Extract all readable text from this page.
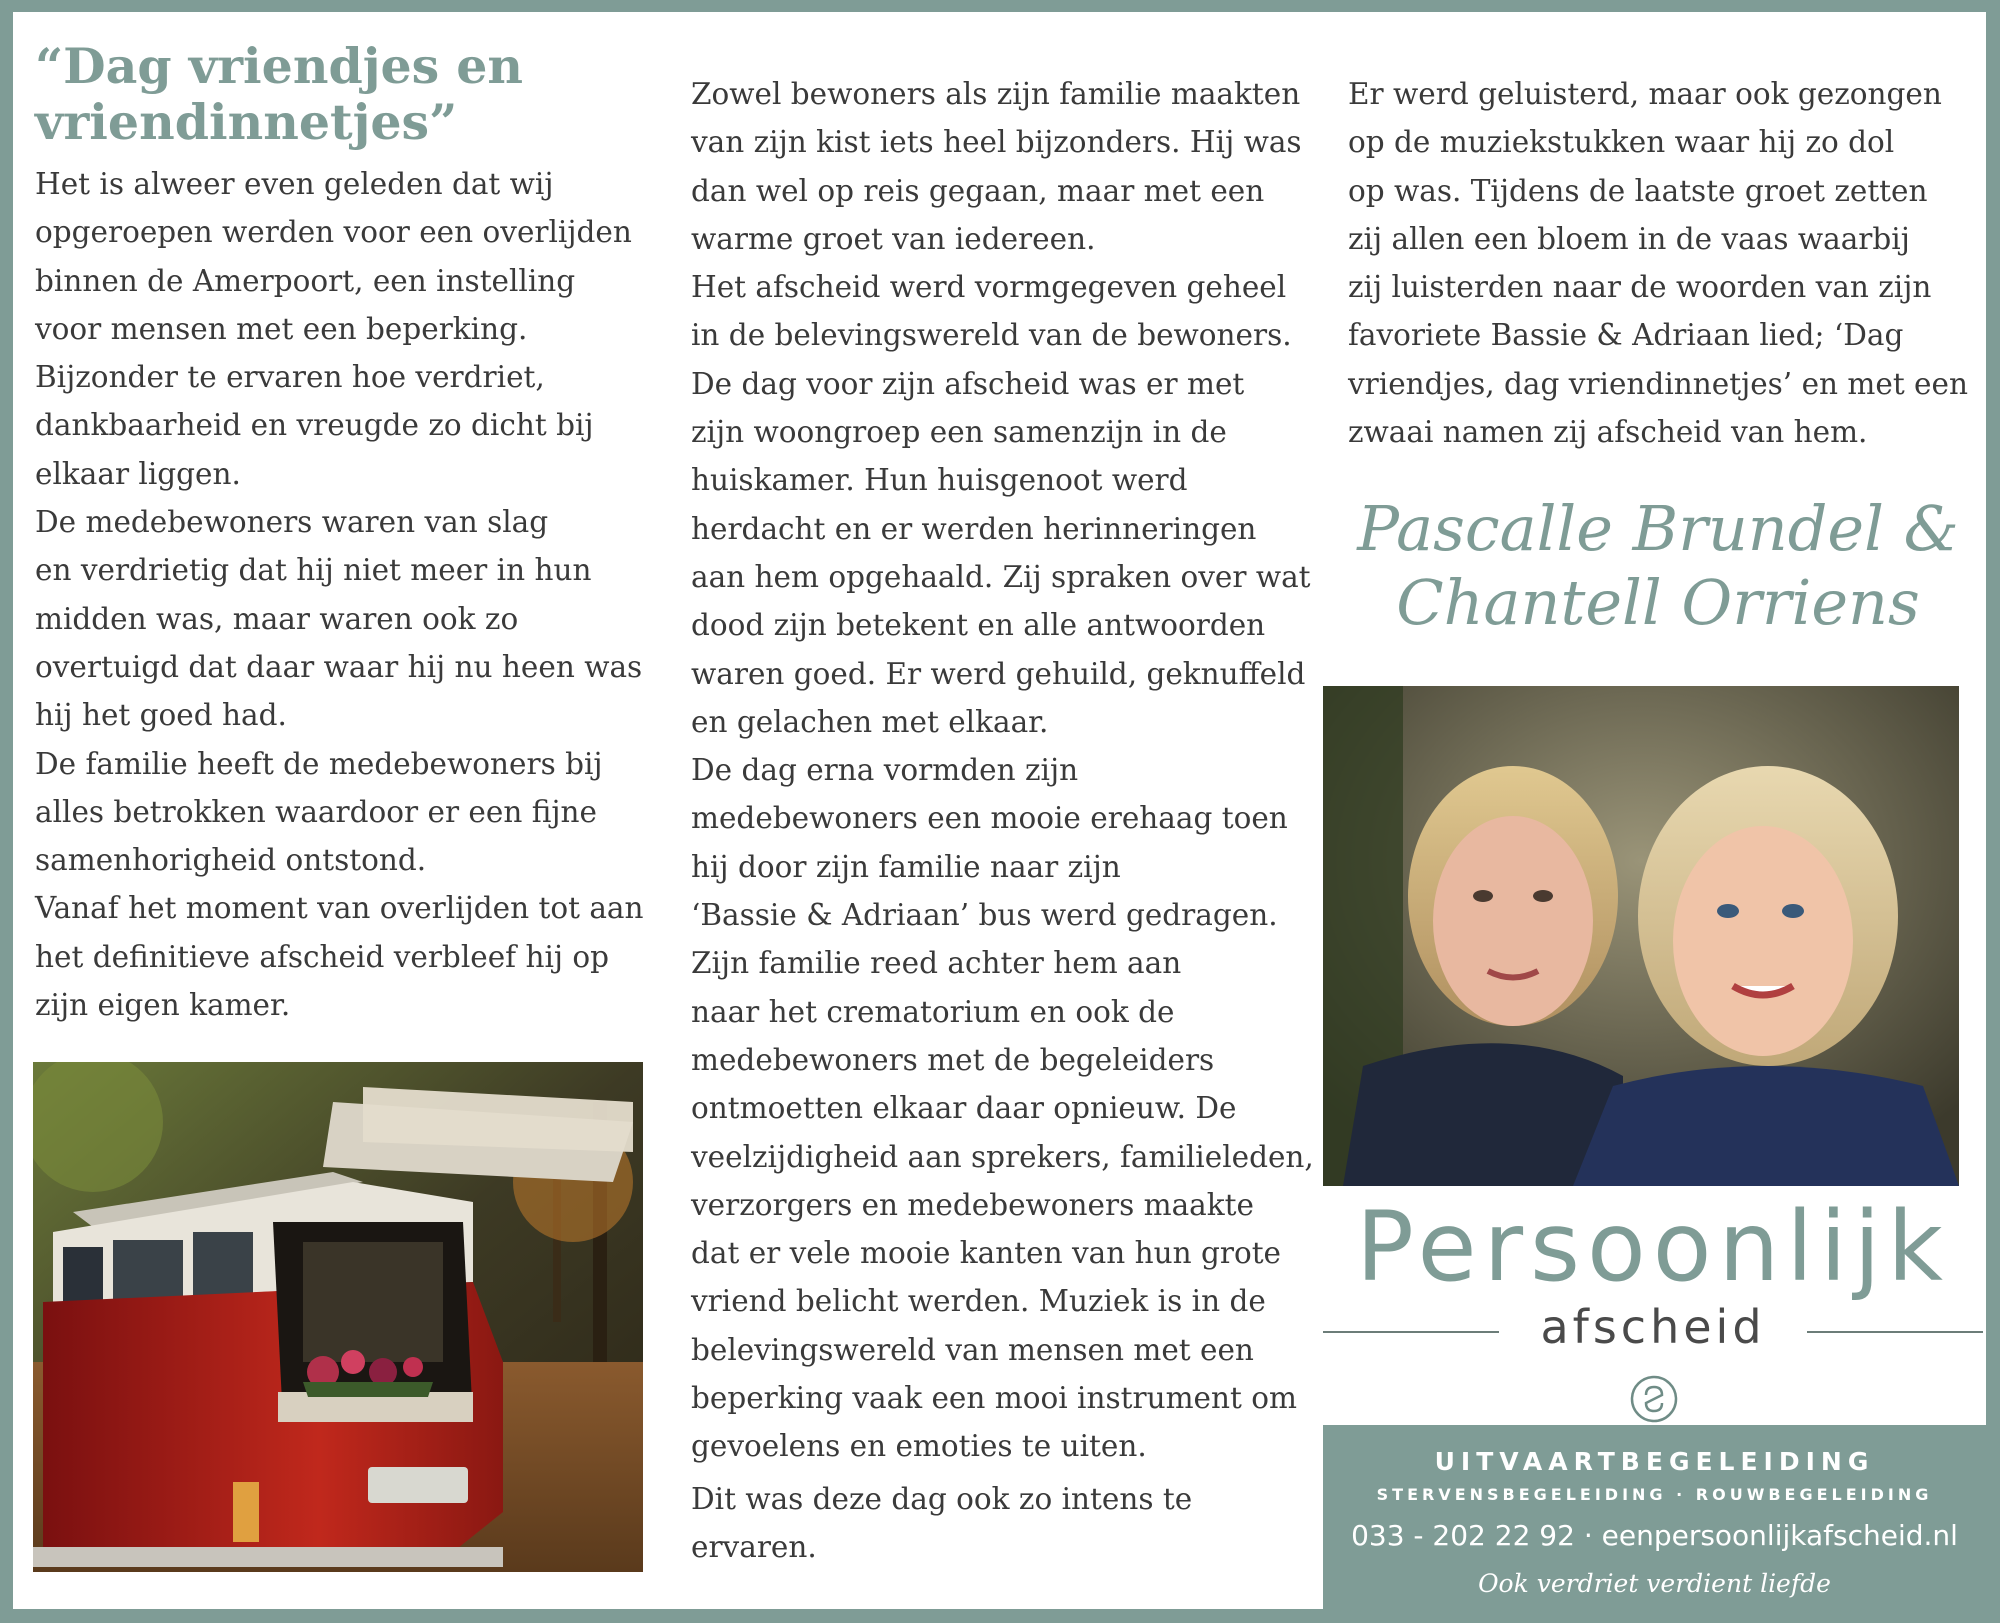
“Dag vriendjes en
vriendinnetjes”

Het is alweer even geleden dat wij
opgeroepen werden voor een overlijden
binnen de Amerpoort, een instelling
voor mensen met een beperking.

Bijzonder te ervaren hoe verdriet,
dankbaarheid en vreugde zo dicht bij
elkaar liggen.

De medebewoners waren van slag
en verdrietig dat hij niet meer in hun
midden was, maar waren ook zo
overtuigd dat daar waar hij nu heen was
hij het goed had.

De familie heeft de medebewoners bij
alles betrokken waardoor er een fijne
samenhorigheid ontstond.

Vanaf het moment van overlijden tot aan
het definitieve afscheid verbleef hij op
zijn eigen kamer.

Zowel bewoners als zijn familie maakten
van zijn kist iets heel bijzonders. Hij was
dan wel op reis gegaan, maar met een
warme groet van iedereen.

Het afscheid werd vormgegeven geheel
in de belevingswereld van de bewoners.
De dag voor zijn afscheid was er met
zijn woongroep een samenzijn in de
huiskamer. Hun huisgenoot werd
herdacht en er werden herinneringen
aan hem opgehaald. Zij spraken over wat
dood zijn betekent en alle antwoorden
waren goed. Er werd gehuild, geknuffeld
en gelachen met elkaar.

De dag erna vormden zijn
medebewoners een mooie erehaag toen
hij door zijn familie naar zijn
‘Bassie & Adriaan’ bus werd gedragen.
Zijn familie reed achter hem aan
naar het crematorium en ook de
medebewoners met de begeleiders
ontmoetten elkaar daar opnieuw. De
veelzijdigheid aan sprekers, familieleden,
verzorgers en medebewoners maakte
dat er vele mooie kanten van hun grote
vriend belicht werden. Muziek is in de
belevingswereld van mensen met een
beperking vaak een mooi instrument om
gevoelens en emoties te uiten.

Dit was deze dag ook zo intens te
ervaren.

Er werd geluisterd, maar ook gezongen
op de muziekstukken waar hij zo dol
op was. Tijdens de laatste groet zetten
zij allen een bloem in de vaas waarbij
zij luisterden naar de woorden van zijn
favoriete Bassie & Adriaan lied; ‘Dag
vriendjes, dag vriendinnetjes’ en met een
zwaai namen zij afscheid van hem.

Pascalle Brundel &
Chantell Orriens
Persoonlijk
afscheid
UITVAARTBEGELEIDING
STERVENSBEGELEIDING · ROUWBEGELEIDING
033 - 202 22 92 · eenpersoonlijkafscheid.nl
Ook verdriet verdient liefde
